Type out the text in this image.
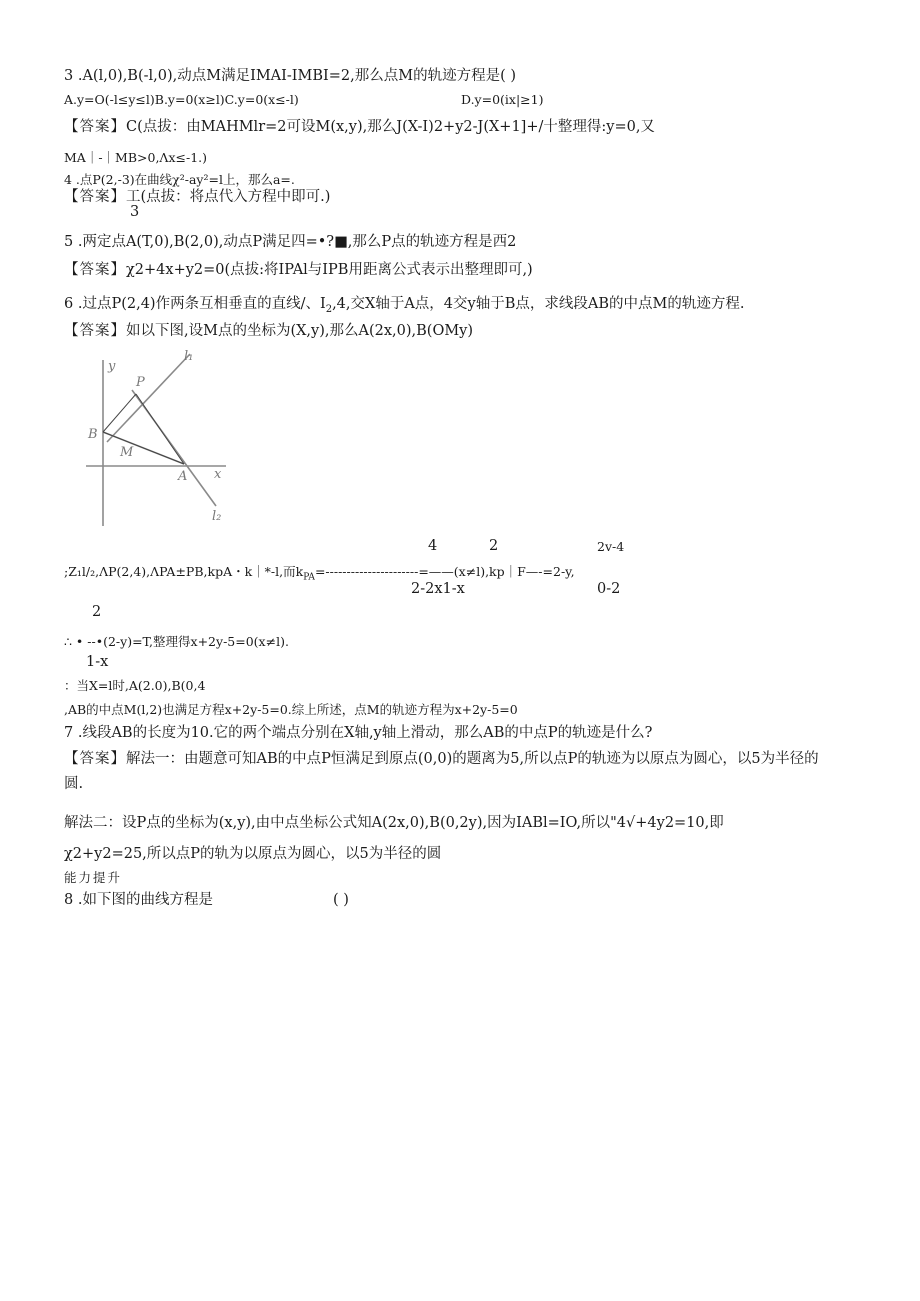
3 .A(l,0),B(-l,0),动点M满足IMAI-IMBI=2,那么点M的轨迹方程是( )
A.y=O(-l≤y≤l)B.y=0(x≥l)C.y=0(x≤-l)	D.y=0(ix|≥1)
【答案】C(点拔：由MAHMlr=2可设M(x,y),那么J(X-I)2+y2-J(X+1]+/十整理得:y=0,又
MA｜-｜MB>0,Λx≤-1.)
4 .点P(2,-3)在曲线χ²-ay²=l上，那么a=.
【答案】工(点拔：将点代入方程中即可.)
3
5 .两定点A(T,0),B(2,0),动点P满足四=•?■,那么P点的轨迹方程是西2
【答案】χ2+4x+y2=0(点拔:将IPAl与IPB用距离公式表示出整理即可,)
6 .过点P(2,4)作两条互相垂直的直线/、$I_2,4$,交X轴于A点，4交y轴于B点，求线段AB的中点M的轨迹方程.
【答案】如以下图,设M点的坐标为(X,y),那么A(2x,0),B(OMy)
l₁
l₂
y
x
P
B
M
A
4	2	2v-4
;Z₁l/₂,ΛP(2,4),ΛPA±PB,kpA・k｜*-l,而$k_{PA}=----------------------=——(x\ne l),kp|F—-=2-y$,
2-2x1-x	0-2
2
∴ • --•(2-y)=T,整理得x+2y-5=0(x≠l).
1-x
：当X=l时,A(2.0),B(0,4
,AB的中点M(l,2)也满足方程x+2y-5=0.综上所述，点M的轨迹方程为x+2y-5=0
7 .线段AB的长度为10.它的两个端点分别在X轴,y轴上滑动，那么AB的中点P的轨迹是什么?
【答案】解法一：由题意可知AB的中点P恒满足到原点(0,0)的题离为5,所以点P的轨迹为以原点为圆心，以5为半径的
圆.
解法二：设P点的坐标为(x,y),由中点坐标公式知A(2x,0),B(0,2y),因为IABl=IO,所以"4√+4y2=10,即
χ2+y2=25,所以点P的轨为以原点为圆心，以5为半径的圆
能力提升
8 .如下图的曲线方程是	( )
